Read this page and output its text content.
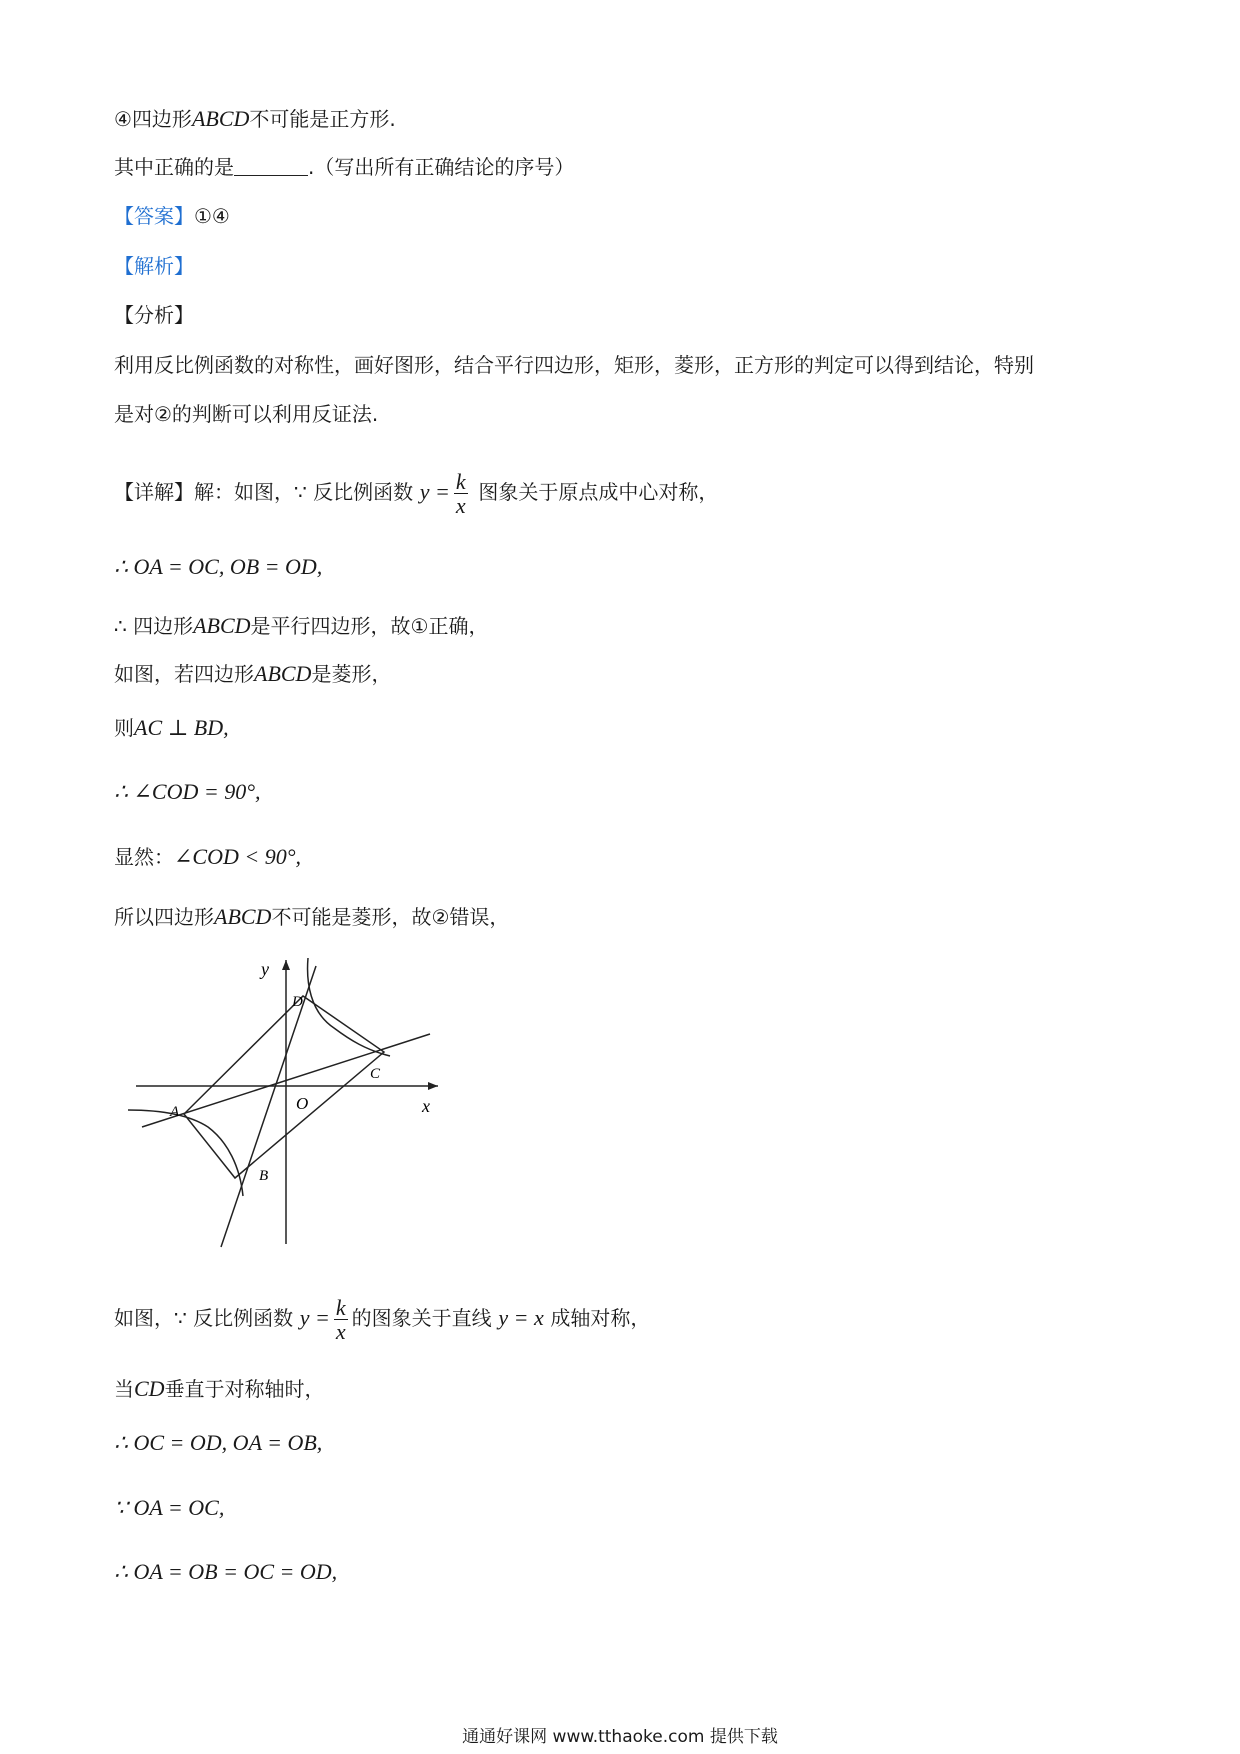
④四边形ABCD不可能是正方形.
其中正确的是	.（写出所有正确结论的序号）
【答案】①④
【解析】
【分析】
利用反比例函数的对称性，画好图形，结合平行四边形，矩形，菱形，正方形的判定可以得到结论，特别
是对②的判断可以利用反证法.
【详解】解：如图，∵ 反比例函数 $y = \frac{k}{x}$ 图象关于原点成中心对称，
∴ OA = OC, OB = OD,
∴ 四边形ABCD是平行四边形，故①正确，
如图，若四边形ABCD是菱形，
则AC ⊥ BD,
∴ ∠COD = 90°,
显然：∠COD < 90°,
所以四边形ABCD不可能是菱形，故②错误，
y
x
O
A
B
C
D
如图，∵ 反比例函数 $y = \frac{k}{x}$ 的图象关于直线 y = x 成轴对称，
当CD垂直于对称轴时，
∴ OC = OD, OA = OB,
∵ OA = OC,
∴ OA = OB = OC = OD,
通通好课网 www.tthaoke.com 提供下载
